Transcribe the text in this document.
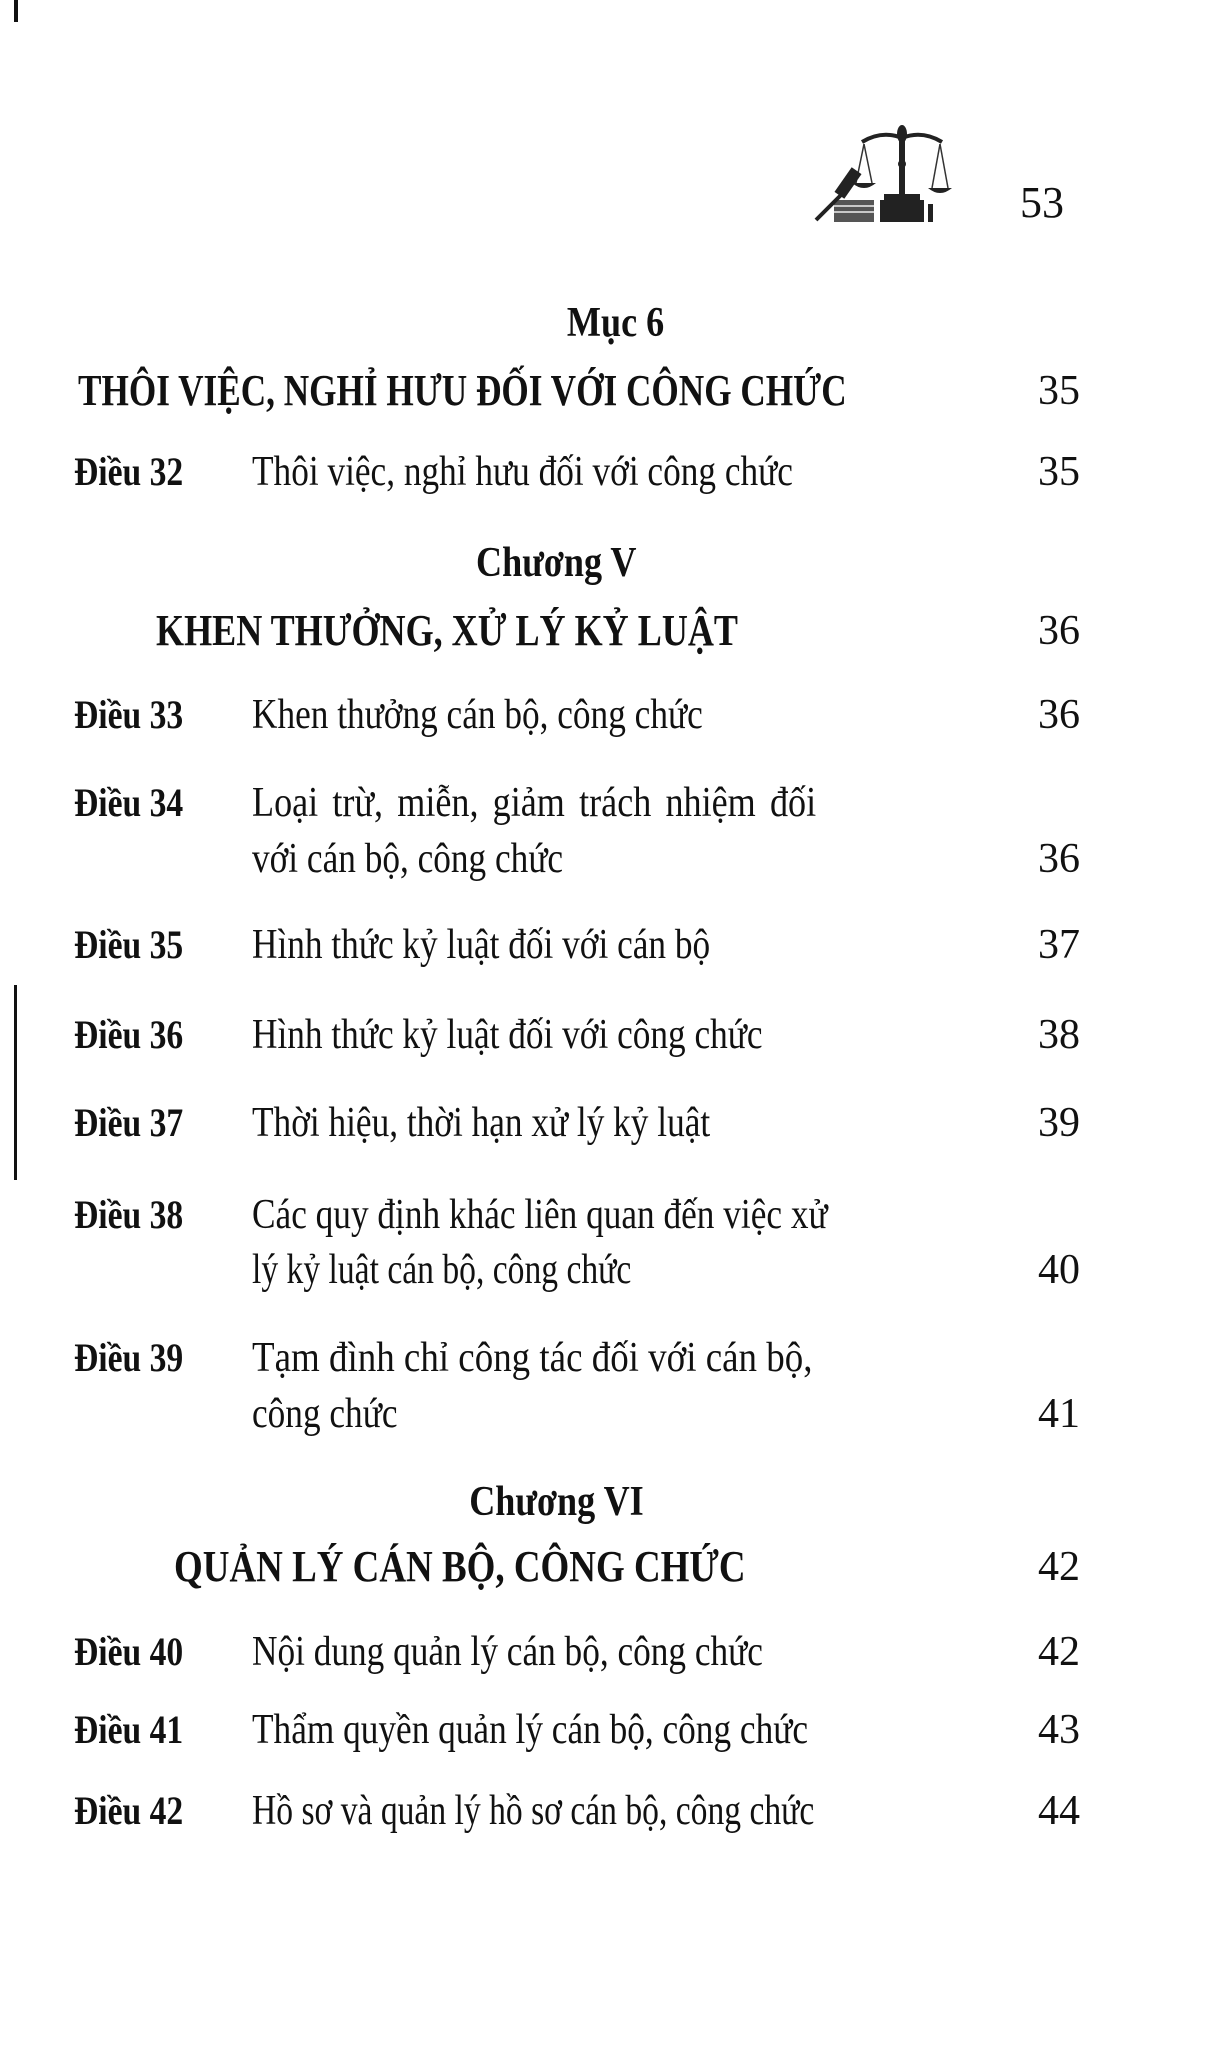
53
Mục 6
THÔI VIỆC, NGHỈ HƯU ĐỐI VỚI CÔNG CHỨC	35
Điều 32	Thôi việc, nghỉ hưu đối với công chức	35
Chương V
KHEN THƯỞNG, XỬ LÝ KỶ LUẬT	36
Điều 33	Khen thưởng cán bộ, công chức	36
Điều 34	Loại trừ, miễn, giảm trách nhiệm đối
với cán bộ, công chức	36
Điều 35	Hình thức kỷ luật đối với cán bộ	37
Điều 36	Hình thức kỷ luật đối với công chức	38
Điều 37	Thời hiệu, thời hạn xử lý kỷ luật	39
Điều 38	Các quy định khác liên quan đến việc xử
lý kỷ luật cán bộ, công chức	40
Điều 39	Tạm đình chỉ công tác đối với cán bộ,
công chức	41
Chương VI
QUẢN LÝ CÁN BỘ, CÔNG CHỨC	42
Điều 40	Nội dung quản lý cán bộ, công chức	42
Điều 41	Thẩm quyền quản lý cán bộ, công chức	43
Điều 42	Hồ sơ và quản lý hồ sơ cán bộ, công chức	44
